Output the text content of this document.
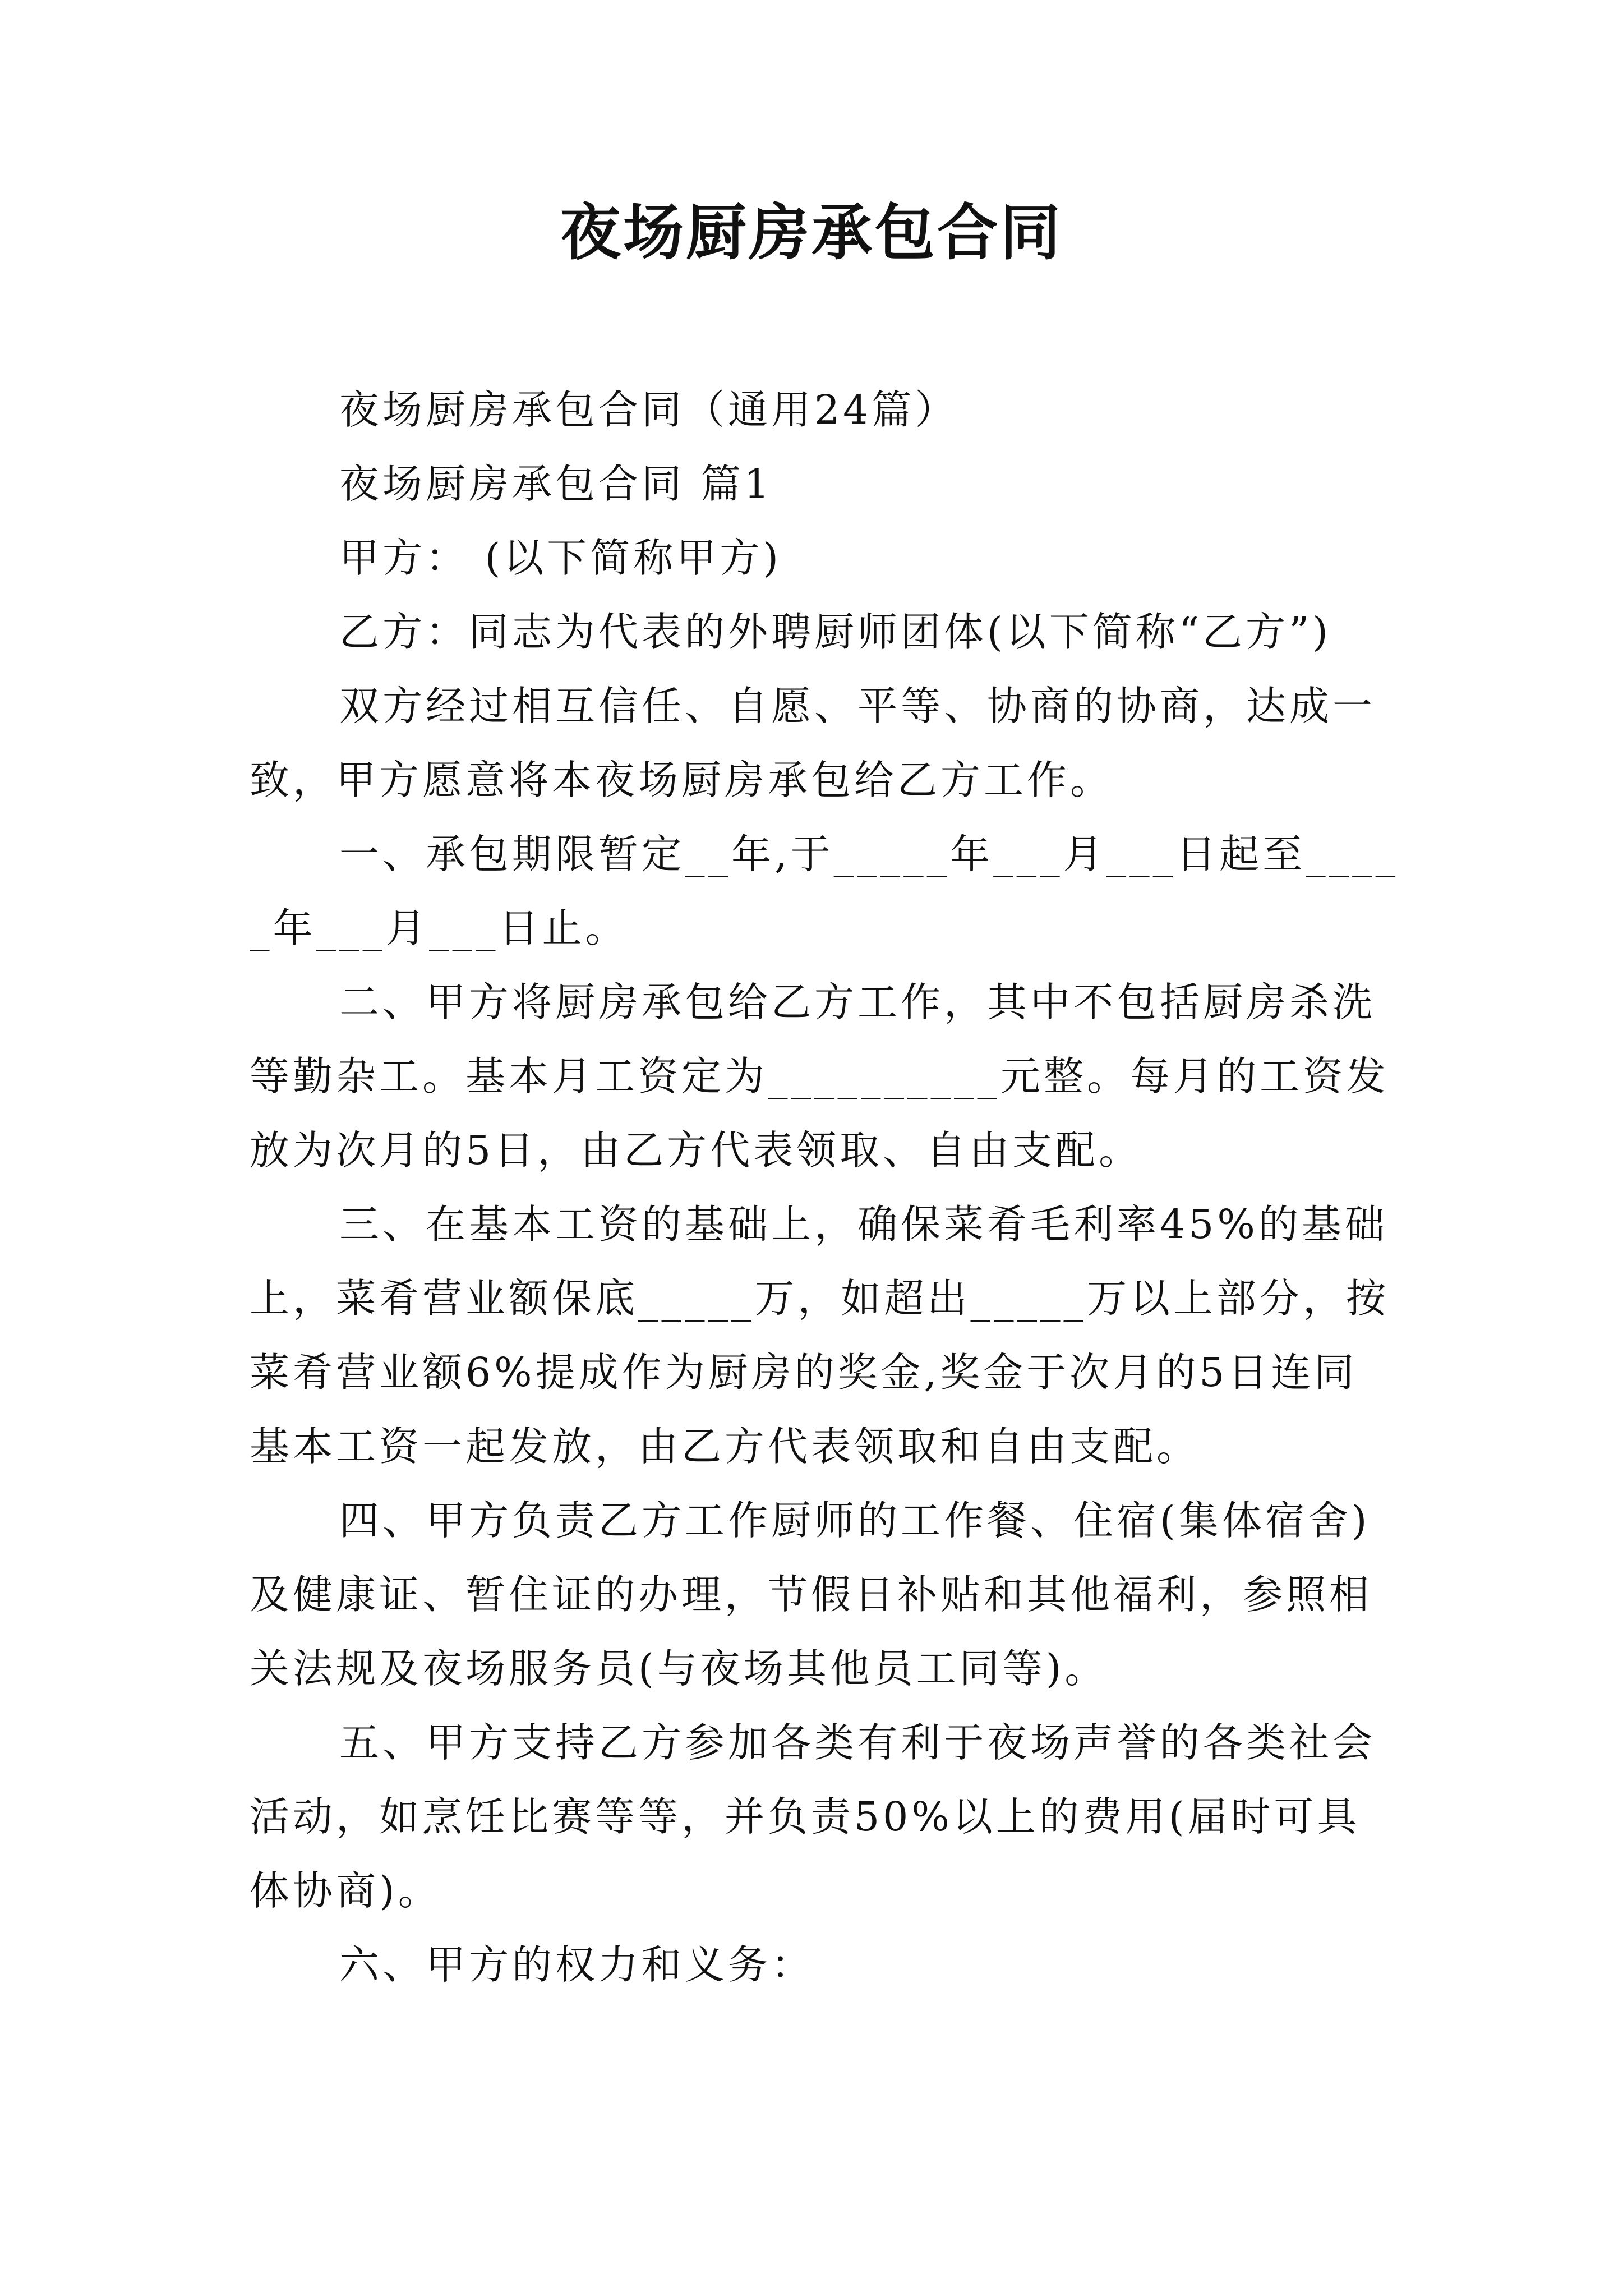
夜场厨房承包合同

夜场厨房承包合同（通用24篇）

夜场厨房承包合同 篇1

甲方： (以下简称甲方)

乙方：同志为代表的外聘厨师团体(以下简称“乙方”)

双方经过相互信任、自愿、平等、协商的协商，达成一致，甲方愿意将本夜场厨房承包给乙方工作。

一、承包期限暂定__年,于_____年___月___日起至_____年___月___日止。

二、甲方将厨房承包给乙方工作，其中不包括厨房杀洗等勤杂工。基本月工资定为__________元整。每月的工资发放为次月的5日，由乙方代表领取、自由支配。

三、在基本工资的基础上，确保菜肴毛利率45%的基础上，菜肴营业额保底_____万，如超出_____万以上部分，按菜肴营业额6%提成作为厨房的奖金,奖金于次月的5日连同基本工资一起发放，由乙方代表领取和自由支配。

四、甲方负责乙方工作厨师的工作餐、住宿(集体宿舍)及健康证、暂住证的办理，节假日补贴和其他福利，参照相关法规及夜场服务员(与夜场其他员工同等)。

五、甲方支持乙方参加各类有利于夜场声誉的各类社会活动，如烹饪比赛等等，并负责50%以上的费用(届时可具体协商)。

六、甲方的权力和义务：
